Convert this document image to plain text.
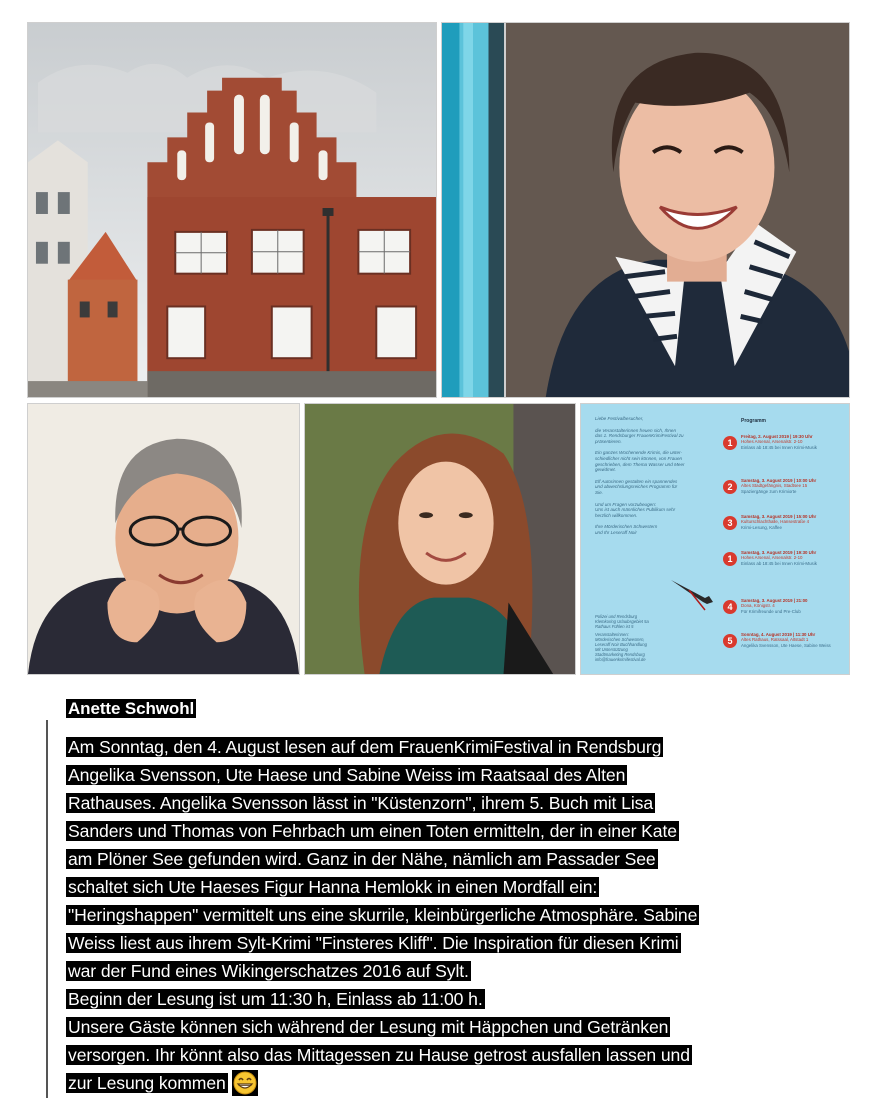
Liebe Festivalbesucher,
die Veranstalterinnen freuen sich, Ihnen
das 1. Rendsburger FrauenKrimiFestival zu
präsentieren.
Ein ganzes Wochenende Krimis, die unter-
schiedlicher nicht sein können, von Frauen
geschrieben, dem Thema Wasser und Meer
gewidmet.
Elf Autorinnen gestalten ein spannendes
und abwechslungsreiches Programm für
Sie.
Und um Fragen vorzubeugen:
Uns ist auch männliches Publikum sehr
herzlich willkommen.
Ihre Mörderischen Schwestern
und Ihr Leseraff Noir
Polizei und Rendsburg
Klemkoring Urlaubsgebiet 5a
Rathaus Fühlen ist 5
Veranstalterinnen:
Mörderischen Schwestern,
Leseraff Noir Buchhandlung
Mit Unterstützung
Stadtmarketing Rendsburg
info@frauenkrimifestival.de
Programm
1
Freitag, 2. August 2019 | 19:30 Uhr
Hohes Arsenal, Arsenalstr. 2-10
Einlass ab 18:45 bei Innen Krimi-Musik
2
Samstag, 3. August 2019 | 10:00 Uhr
Altes Stadtgefängnis, Stadtsee 15
Spaziergänge zum Krimiorte
3
Samstag, 3. August 2019 | 15:00 Uhr
Kulturschlachthalle, Hansestraße 4
Krimi-Lesung, Kaffee
1
Samstag, 3. August 2019 | 19:30 Uhr
Hohes Arsenal, Arsenalstr. 2-10
Einlass ab 18:45 bei Innen Krimi-Musik
4
Samstag, 3. August 2019 | 21:00
Dona, Königstr. 4
Für Krimifreunde und Pre-Club
5
Sonntag, 4. August 2019 | 11:30 Uhr
Altes Rathaus, Ratssaal, Altstadt 1
Angelika Svensson, Ute Haese, Sabine Weiss
Anette Schwohl
Am Sonntag, den 4. August lesen auf dem FrauenKrimiFestival in Rendsburg
Angelika Svensson, Ute Haese und Sabine Weiss im Raatsaal des Alten
Rathauses. Angelika Svensson lässt in "Küstenzorn", ihrem 5. Buch mit Lisa
Sanders und Thomas von Fehrbach um einen Toten ermitteln, der in einer Kate
am Plöner See gefunden wird. Ganz in der Nähe, nämlich am Passader See
schaltet sich Ute Haeses Figur Hanna Hemlokk in einen Mordfall ein:
"Heringshappen" vermittelt uns eine skurrile, kleinbürgerliche Atmosphäre. Sabine
Weiss liest aus ihrem Sylt-Krimi "Finsteres Kliff". Die Inspiration für diesen Krimi
war der Fund eines Wikingerschatzes 2016 auf Sylt.
Beginn der Lesung ist um 11:30 h, Einlass ab 11:00 h.
Unsere Gäste können sich während der Lesung mit Häppchen und Getränken
versorgen. Ihr könnt also das Mittagessen zu Hause getrost ausfallen lassen und
zur Lesung kommen
